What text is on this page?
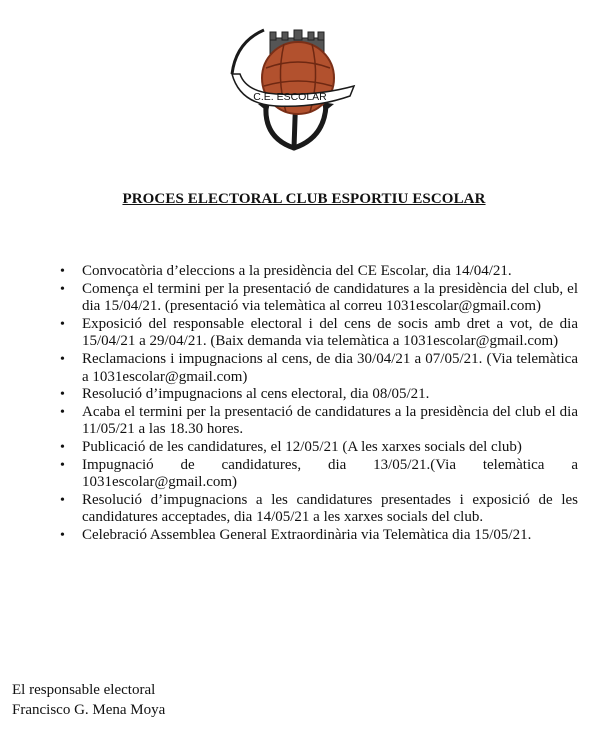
C.E. ESCOLAR
PROCES ELECTORAL CLUB ESPORTIU ESCOLAR
• Convocatòria d’eleccions a la presidència del CE Escolar, dia 14/04/21.
• Comença el termini per la presentació de candidatures a la presidència del club, el dia 15/04/21. (presentació via telemàtica al correu 1031escolar@gmail.com)
• Exposició del responsable electoral i del cens de socis amb dret a vot, de dia 15/04/21 a 29/04/21. (Baix demanda via telemàtica a 1031escolar@gmail.com)
• Reclamacions i impugnacions al cens, de dia 30/04/21 a 07/05/21. (Via telemàtica a 1031escolar@gmail.com)
• Resolució d’impugnacions al cens electoral, dia 08/05/21.
• Acaba el termini per la presentació de candidatures a la presidència del club el dia 11/05/21 a las 18.30 hores.
• Publicació de les candidatures, el 12/05/21 (A les xarxes socials del club)
• Impugnació de candidatures, dia 13/05/21.(Via telemàtica a 1031escolar@gmail.com)
• Resolució d’impugnacions a les candidatures presentades i exposició de les candidatures acceptades, dia 14/05/21 a les xarxes socials del club.
• Celebració Assemblea General Extraordinària via Telemàtica dia 15/05/21.
El responsable electoral
Francisco G. Mena Moya
